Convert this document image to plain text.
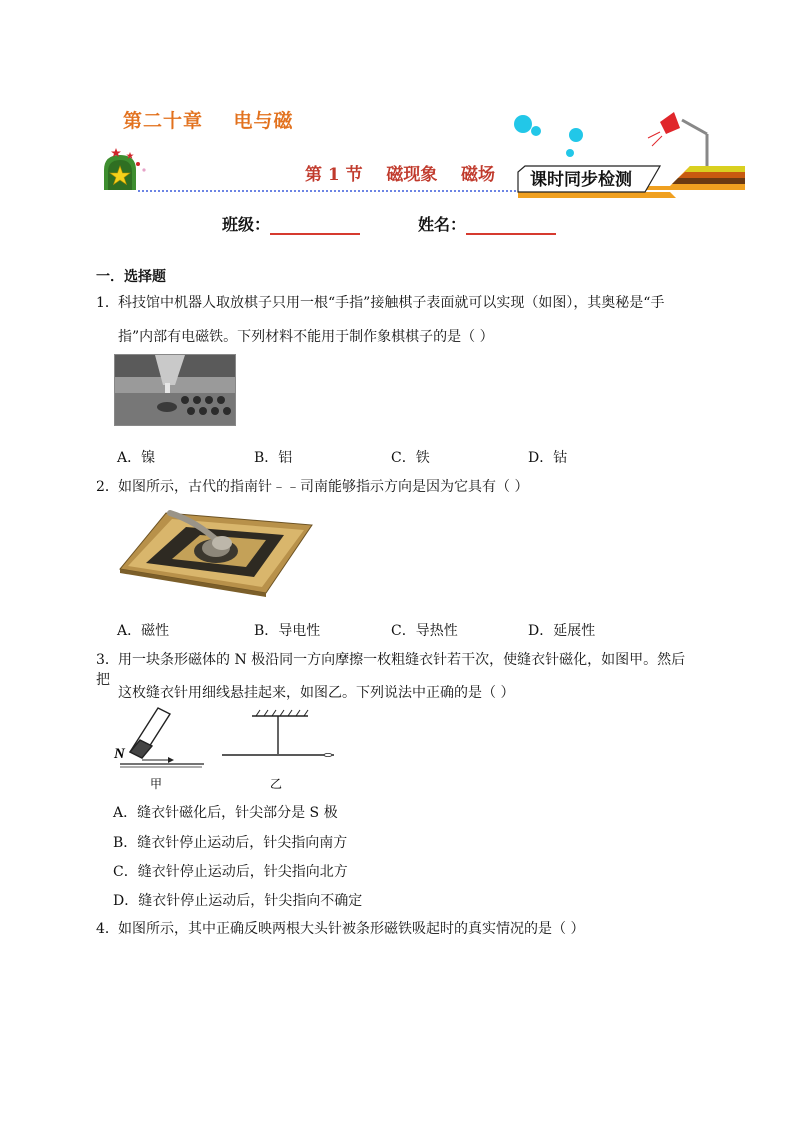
第二十章    电与磁
第 1 节    磁现象    磁场 课时同步检测
班级：	姓名：
一．选择题
1．科技馆中机器人取放棋子只用一根“手指”接触棋子表面就可以实现（如图），其奥秘是“手
指”内部有电磁铁。下列材料不能用于制作象棋棋子的是（ ）
A．镍	B．铝	C．铁	D．钴
2．如图所示，古代的指南针﹣﹣司南能够指示方向是因为它具有（ ）
A．磁性	B．导电性	C．导热性	D．延展性
3．用一块条形磁体的 N 极沿同一方向摩擦一枚粗缝衣针若干次，使缝衣针磁化，如图甲。然后把
这枚缝衣针用细线悬挂起来，如图乙。下列说法中正确的是（ ）
N
甲	乙
A．缝衣针磁化后，针尖部分是 S 极
B．缝衣针停止运动后，针尖指向南方
C．缝衣针停止运动后，针尖指向北方
D．缝衣针停止运动后，针尖指向不确定
4．如图所示，其中正确反映两根大头针被条形磁铁吸起时的真实情况的是（ ）
